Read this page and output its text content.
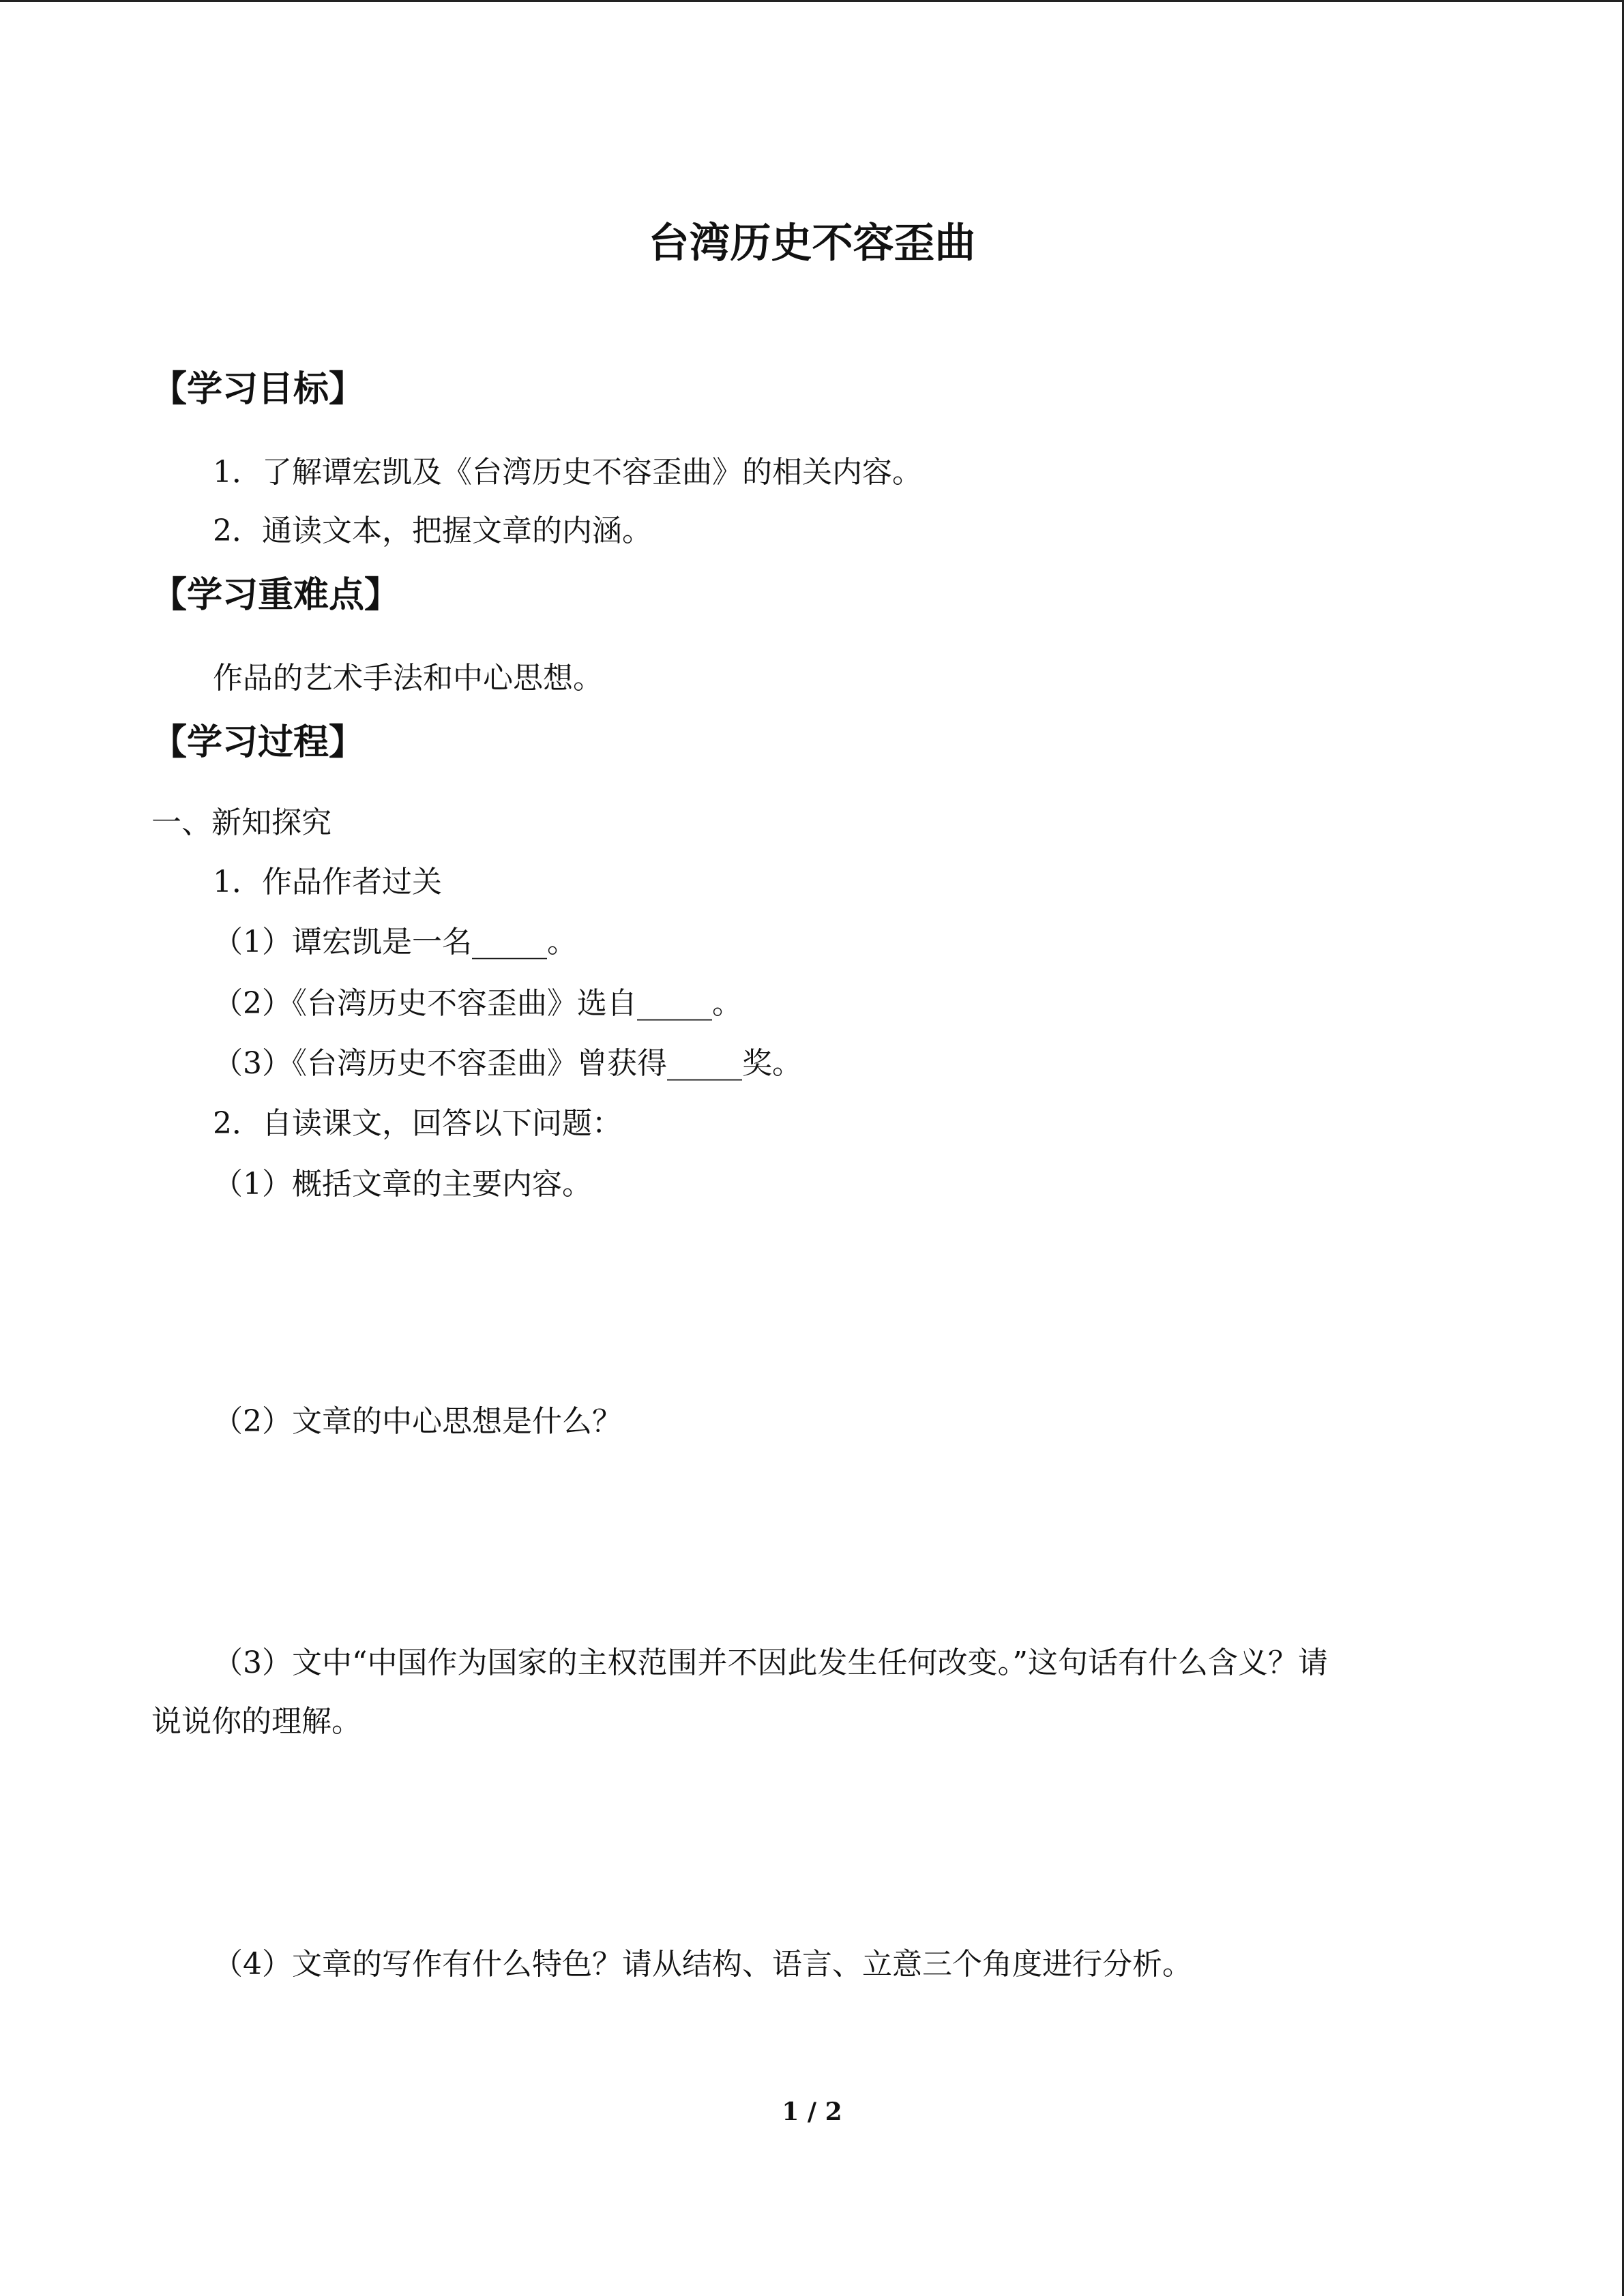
台湾历史不容歪曲
【学习目标】
1．了解谭宏凯及《台湾历史不容歪曲》的相关内容。
2．通读文本，把握文章的内涵。
【学习重难点】
作品的艺术手法和中心思想。
【学习过程】
一、新知探究
1．作品作者过关
（1）谭宏凯是一名_____。
（2）《台湾历史不容歪曲》选自_____。
（3）《台湾历史不容歪曲》曾获得_____奖。
2．自读课文，回答以下问题：
（1）概括文章的主要内容。
（2）文章的中心思想是什么？
（3）文中“中国作为国家的主权范围并不因此发生任何改变。”这句话有什么含义？请
说说你的理解。
（4）文章的写作有什么特色？请从结构、语言、立意三个角度进行分析。
1 / 2
